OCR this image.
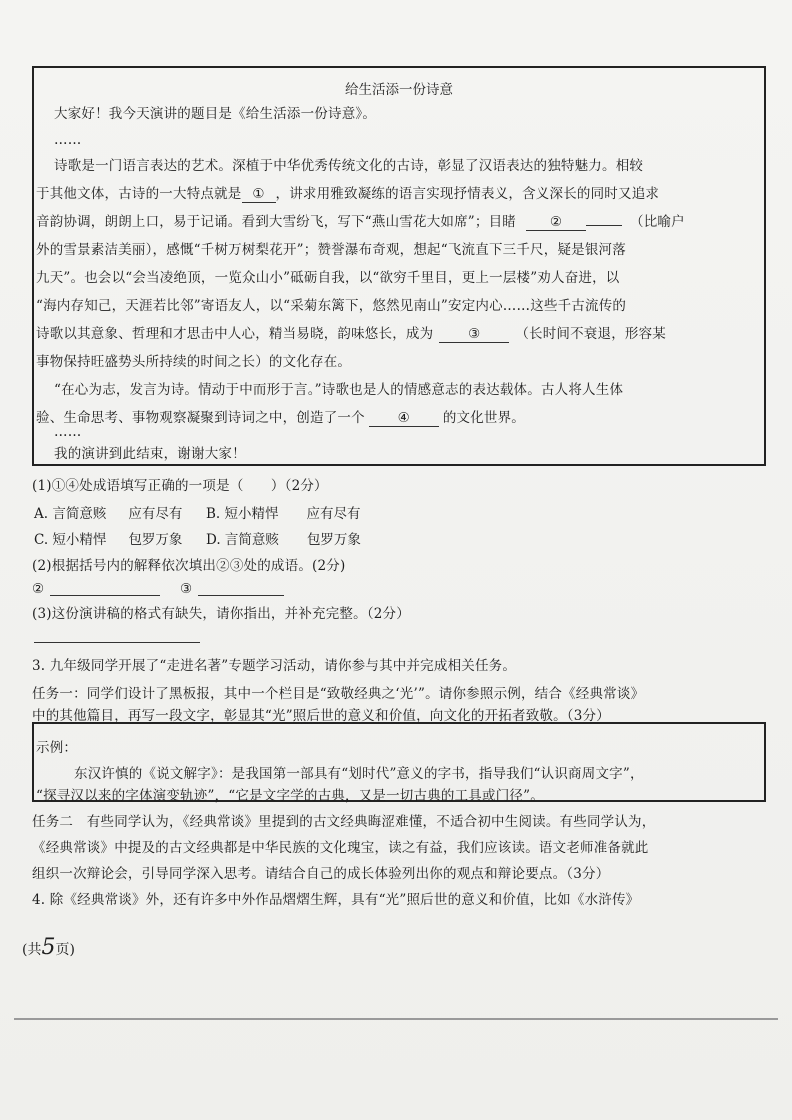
给生活添一份诗意
大家好！我今天演讲的题目是《给生活添一份诗意》。
……
诗歌是一门语言表达的艺术。深植于中华优秀传统文化的古诗，彰显了汉语表达的独特魅力。相较
于其他文体，古诗的一大特点就是 ① ，讲求用雅致凝练的语言实现抒情表义，含义深长的同时又追求
音韵协调，朗朗上口，易于记诵。看到大雪纷飞，写下“燕山雪花大如席”；目睹	②	（比喻户
外的雪景素洁美丽），感慨“千树万树梨花开”；赞誉瀑布奇观，想起“飞流直下三千尺，疑是银河落
九天”。也会以“会当凌绝顶，一览众山小”砥砺自我，以“欲穷千里目，更上一层楼”劝人奋进，以
“海内存知己，天涯若比邻”寄语友人，以“采菊东篱下，悠然见南山”安定内心……这些千古流传的
诗歌以其意象、哲理和才思击中人心，精当易晓，韵味悠长，成为	③	（长时间不衰退，形容某
事物保持旺盛势头所持续的时间之长）的文化存在。
“在心为志，发言为诗。情动于中而形于言。”诗歌也是人的情感意志的表达载体。古人将人生体
验、生命思考、事物观察凝聚到诗词之中，创造了一个 ④ 的文化世界。
……
我的演讲到此结束，谢谢大家！
(1)①④处成语填写正确的一项是（　　）（2分）
A. 言简意赅 应有尽有 B. 短小精悍 应有尽有
C. 短小精悍 包罗万象 D. 言简意赅 包罗万象
(2)根据括号内的解释依次填出②③处的成语。(2分)
②	③
(3)这份演讲稿的格式有缺失，请你指出，并补充完整。（2分）
3. 九年级同学开展了“走进名著”专题学习活动，请你参与其中并完成相关任务。
任务一：同学们设计了黑板报，其中一个栏目是“致敬经典之‘光’”。请你参照示例，结合《经典常谈》
中的其他篇目，再写一段文字，彰显其“光”照后世的意义和价值，向文化的开拓者致敬。（3分）
示例：
东汉许慎的《说文解字》：是我国第一部具有“划时代”意义的字书，指导我们“认识商周文字”，
“探寻汉以来的字体演变轨迹”，“它是文字学的古典，又是一切古典的工具或门径”。
任务二　有些同学认为，《经典常谈》里提到的古文经典晦涩难懂，不适合初中生阅读。有些同学认为，
《经典常谈》中提及的古文经典都是中华民族的文化瑰宝，读之有益，我们应该读。语文老师准备就此
组织一次辩论会，引导同学深入思考。请结合自己的成长体验列出你的观点和辩论要点。（3分）
4. 除《经典常谈》外，还有许多中外作品熠熠生辉，具有“光”照后世的意义和价值，比如《水浒传》
(共5页)
